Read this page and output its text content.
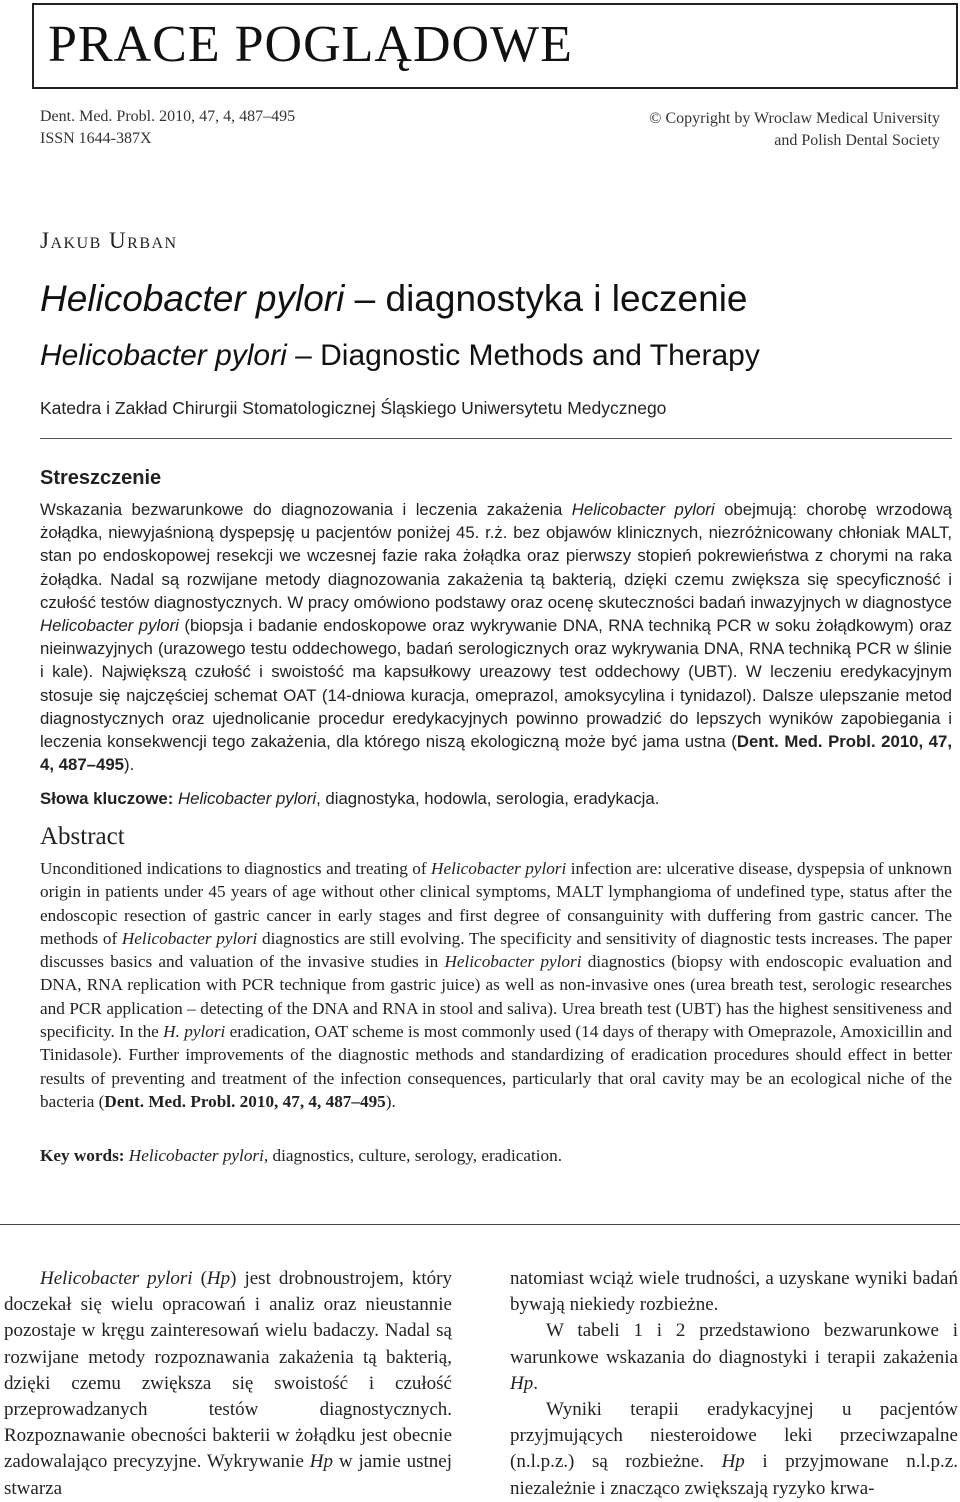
PRACE POGLĄDOWE
Dent. Med. Probl. 2010, 47, 4, 487–495
ISSN 1644-387X
© Copyright by Wroclaw Medical University
and Polish Dental Society
Jakub Urban
Helicobacter pylori – diagnostyka i leczenie
Helicobacter pylori – Diagnostic Methods and Therapy
Katedra i Zakład Chirurgii Stomatologicznej Śląskiego Uniwersytetu Medycznego
Streszczenie
Wskazania bezwarunkowe do diagnozowania i leczenia zakażenia Helicobacter pylori obejmują: chorobę wrzodową żołądka, niewyjaśnioną dyspepsję u pacjentów poniżej 45. r.ż. bez objawów klinicznych, niezróżnicowany chłoniak MALT, stan po endoskopowej resekcji we wczesnej fazie raka żołądka oraz pierwszy stopień pokrewieństwa z chorymi na raka żołądka. Nadal są rozwijane metody diagnozowania zakażenia tą bakterią, dzięki czemu zwiększa się specyficzność i czułość testów diagnostycznych. W pracy omówiono podstawy oraz ocenę skuteczności badań inwazyjnych w diagnostyce Helicobacter pylori (biopsja i badanie endoskopowe oraz wykrywanie DNA, RNA techniką PCR w soku żołądkowym) oraz nieinwazyjnych (urazowego testu oddechowego, badań serologicznych oraz wykrywania DNA, RNA techniką PCR w ślinie i kale). Największą czułość i swoistość ma kapsułkowy ureazowy test oddechowy (UBT). W leczeniu eredykacyjnym stosuje się najczęściej schemat OAT (14-dniowa kuracja, omeprazol, amoksycylina i tynidazol). Dalsze ulepszanie metod diagnostycznych oraz ujednolicanie procedur eredykacyjnych powinno prowadzić do lepszych wyników zapobiegania i leczenia konsekwencji tego zakażenia, dla którego niszą ekologiczną może być jama ustna (Dent. Med. Probl. 2010, 47, 4, 487–495).
Słowa kluczowe: Helicobacter pylori, diagnostyka, hodowla, serologia, eradykacja.
Abstract
Unconditioned indications to diagnostics and treating of Helicobacter pylori infection are: ulcerative disease, dyspepsia of unknown origin in patients under 45 years of age without other clinical symptoms, MALT lymphangioma of undefined type, status after the endoscopic resection of gastric cancer in early stages and first degree of consanguinity with duffering from gastric cancer. The methods of Helicobacter pylori diagnostics are still evolving. The specificity and sensitivity of diagnostic tests increases. The paper discusses basics and valuation of the invasive studies in Helicobacter pylori diagnostics (biopsy with endoscopic evaluation and DNA, RNA replication with PCR technique from gastric juice) as well as non-invasive ones (urea breath test, serologic researches and PCR application – detecting of the DNA and RNA in stool and saliva). Urea breath test (UBT) has the highest sensitiveness and specificity. In the H. pylori eradication, OAT scheme is most commonly used (14 days of therapy with Omeprazole, Amoxicillin and Tinidasole). Further improvements of the diagnostic methods and standardizing of eradication procedures should effect in better results of preventing and treatment of the infection consequences, particularly that oral cavity may be an ecological niche of the bacteria (Dent. Med. Probl. 2010, 47, 4, 487–495).
Key words: Helicobacter pylori, diagnostics, culture, serology, eradication.

Helicobacter pylori (Hp) jest drobnoustrojem, który doczekał się wielu opracowań i analiz oraz nieustannie pozostaje w kręgu zainteresowań wielu badaczy. Nadal są rozwijane metody rozpoznawania zakażenia tą bakterią, dzięki czemu zwiększa się swoistość i czułość przeprowadzanych testów diagnostycznych. Rozpoznawanie obecności bakterii w żołądku jest obecnie zadowalająco precyzyjne. Wykrywanie Hp w jamie ustnej stwarza

natomiast wciąż wiele trudności, a uzyskane wyniki badań bywają niekiedy rozbieżne.

W tabeli 1 i 2 przedstawiono bezwarunkowe i warunkowe wskazania do diagnostyki i terapii zakażenia Hp.

Wyniki terapii eradykacyjnej u pacjentów przyjmujących niesteroidowe leki przeciwzapalne (n.l.p.z.) są rozbieżne. Hp i przyjmowane n.l.p.z. niezależnie i znacząco zwiększają ryzyko krwa-
